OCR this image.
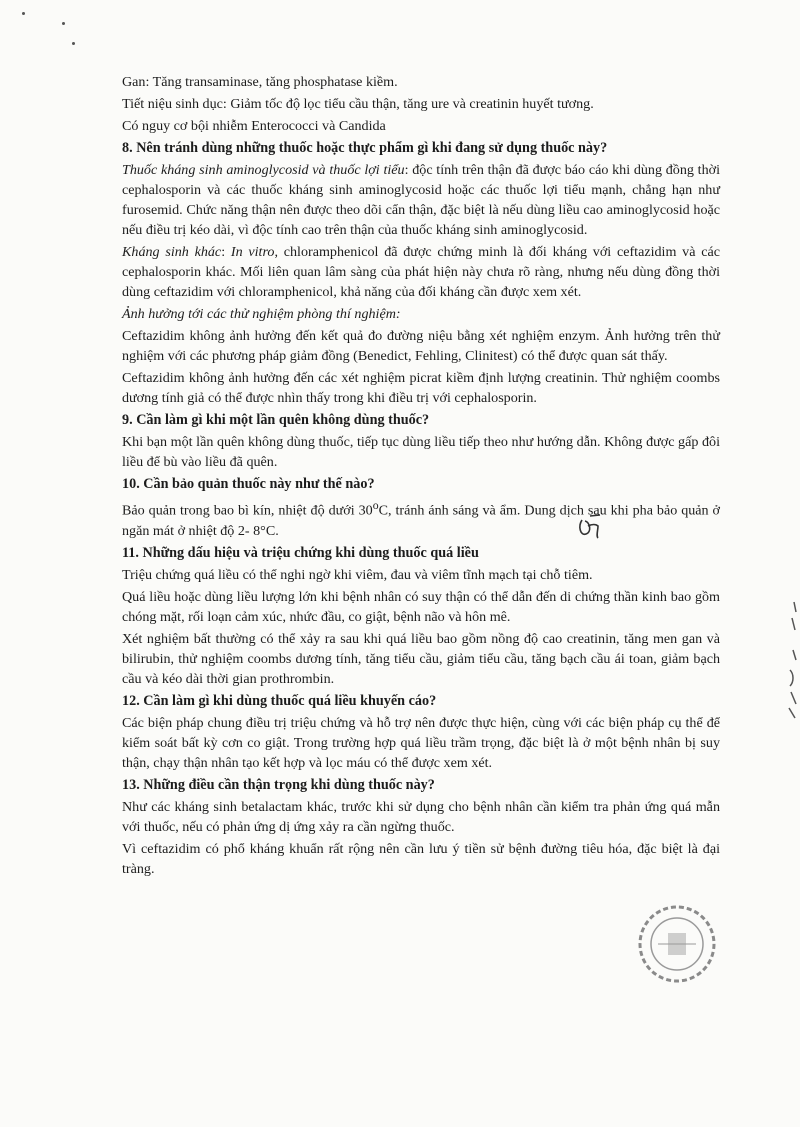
Gan: Tăng transaminase, tăng phosphatase kiềm.

Tiết niệu sinh dục: Giảm tốc độ lọc tiểu cầu thận, tăng ure và creatinin huyết tương.

Có nguy cơ bội nhiễm Enterococci và Candida

8. Nên tránh dùng những thuốc hoặc thực phẩm gì khi đang sử dụng thuốc này?

Thuốc kháng sinh aminoglycosid và thuốc lợi tiểu: độc tính trên thận đã được báo cáo khi dùng đồng thời cephalosporin và các thuốc kháng sinh aminoglycosid hoặc các thuốc lợi tiểu mạnh, chẳng hạn như furosemid. Chức năng thận nên được theo dõi cẩn thận, đặc biệt là nếu dùng liều cao aminoglycosid hoặc nếu điều trị kéo dài, vì độc tính cao trên thận của thuốc kháng sinh aminoglycosid.

Kháng sinh khác: In vitro, chloramphenicol đã được chứng minh là đối kháng với ceftazidim và các cephalosporin khác. Mối liên quan lâm sàng của phát hiện này chưa rõ ràng, nhưng nếu dùng đồng thời dùng ceftazidim với chloramphenicol, khả năng của đối kháng cần được xem xét.

Ảnh hưởng tới các thử nghiệm phòng thí nghiệm:

Ceftazidim không ảnh hưởng đến kết quả đo đường niệu bằng xét nghiệm enzym. Ảnh hưởng trên thử nghiệm với các phương pháp giảm đồng (Benedict, Fehling, Clinitest) có thể được quan sát thấy.

Ceftazidim không ảnh hưởng đến các xét nghiệm picrat kiềm định lượng creatinin. Thử nghiệm coombs dương tính giả có thể được nhìn thấy trong khi điều trị với cephalosporin.

9. Cần làm gì khi một lần quên không dùng thuốc?

Khi bạn một lần quên không dùng thuốc, tiếp tục dùng liều tiếp theo như hướng dẫn. Không được gấp đôi liều để bù vào liều đã quên.

10. Cần bảo quản thuốc này như thế nào?

Bảo quản trong bao bì kín, nhiệt độ dưới 30$^o$C, tránh ánh sáng và ẩm. Dung dịch sau khi pha bảo quản ở ngăn mát ở nhiệt độ 2- 8°C.

11. Những dấu hiệu và triệu chứng khi dùng thuốc quá liều

Triệu chứng quá liều có thể nghi ngờ khi viêm, đau và viêm tĩnh mạch tại chỗ tiêm.

Quá liều hoặc dùng liều lượng lớn khi bệnh nhân có suy thận có thể dẫn đến di chứng thần kinh bao gồm chóng mặt, rối loạn cảm xúc, nhức đầu, co giật, bệnh não và hôn mê.

Xét nghiệm bất thường có thể xảy ra sau khi quá liều bao gồm nồng độ cao creatinin, tăng men gan và bilirubin, thử nghiệm coombs dương tính, tăng tiểu cầu, giảm tiểu cầu, tăng bạch cầu ái toan, giảm bạch cầu và kéo dài thời gian prothrombin.

12. Cần làm gì khi dùng thuốc quá liều khuyến cáo?

Các biện pháp chung điều trị triệu chứng và hỗ trợ nên được thực hiện, cùng với các biện pháp cụ thể để kiểm soát bất kỳ cơn co giật. Trong trường hợp quá liều trầm trọng, đặc biệt là ở một bệnh nhân bị suy thận, chạy thận nhân tạo kết hợp và lọc máu có thể được xem xét.

13. Những điều cần thận trọng khi dùng thuốc này?

Như các kháng sinh betalactam khác, trước khi sử dụng cho bệnh nhân cần kiểm tra phản ứng quá mẫn với thuốc, nếu có phản ứng dị ứng xảy ra cần ngừng thuốc.

Vì ceftazidim có phổ kháng khuẩn rất rộng nên cần lưu ý tiền sử bệnh đường tiêu hóa, đặc biệt là đại tràng.
